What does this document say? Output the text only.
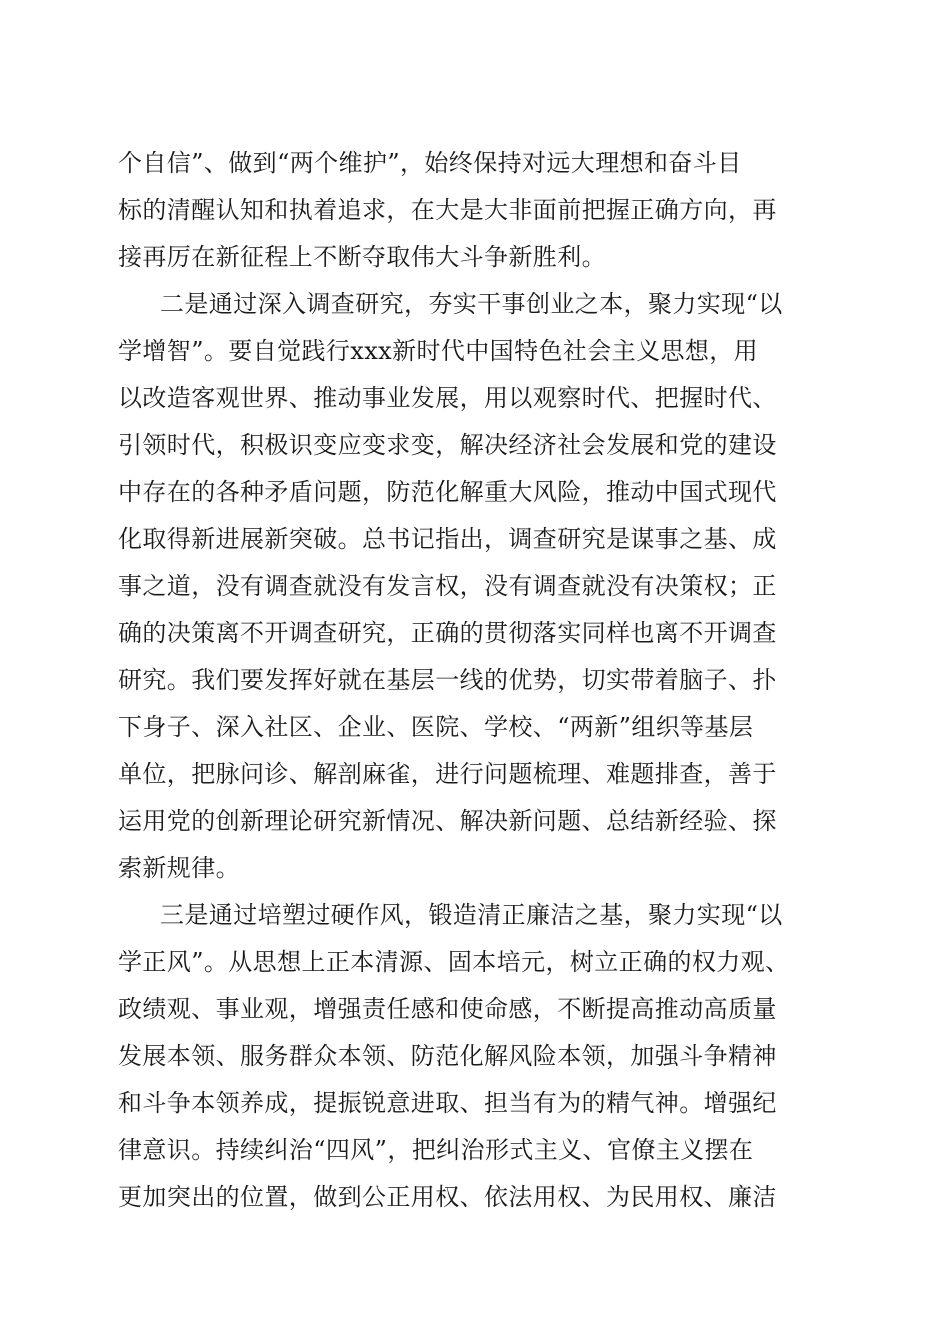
个自信”、做到“两个维护”，始终保持对远大理想和奋斗目
标的清醒认知和执着追求，在大是大非面前把握正确方向，再
接再厉在新征程上不断夺取伟大斗争新胜利。
二是通过深入调查研究，夯实干事创业之本，聚力实现“以
学增智”。要自觉践行xxx新时代中国特色社会主义思想，用
以改造客观世界、推动事业发展，用以观察时代、把握时代、
引领时代，积极识变应变求变，解决经济社会发展和党的建设
中存在的各种矛盾问题，防范化解重大风险，推动中国式现代
化取得新进展新突破。总书记指出，调查研究是谋事之基、成
事之道，没有调查就没有发言权，没有调查就没有决策权；正
确的决策离不开调查研究，正确的贯彻落实同样也离不开调查
研究。我们要发挥好就在基层一线的优势，切实带着脑子、扑
下身子、深入社区、企业、医院、学校、“两新”组织等基层
单位，把脉问诊、解剖麻雀，进行问题梳理、难题排查，善于
运用党的创新理论研究新情况、解决新问题、总结新经验、探
索新规律。
三是通过培塑过硬作风，锻造清正廉洁之基，聚力实现“以
学正风”。从思想上正本清源、固本培元，树立正确的权力观、
政绩观、事业观，增强责任感和使命感，不断提高推动高质量
发展本领、服务群众本领、防范化解风险本领，加强斗争精神
和斗争本领养成，提振锐意进取、担当有为的精气神。增强纪
律意识。持续纠治“四风”，把纠治形式主义、官僚主义摆在
更加突出的位置，做到公正用权、依法用权、为民用权、廉洁
